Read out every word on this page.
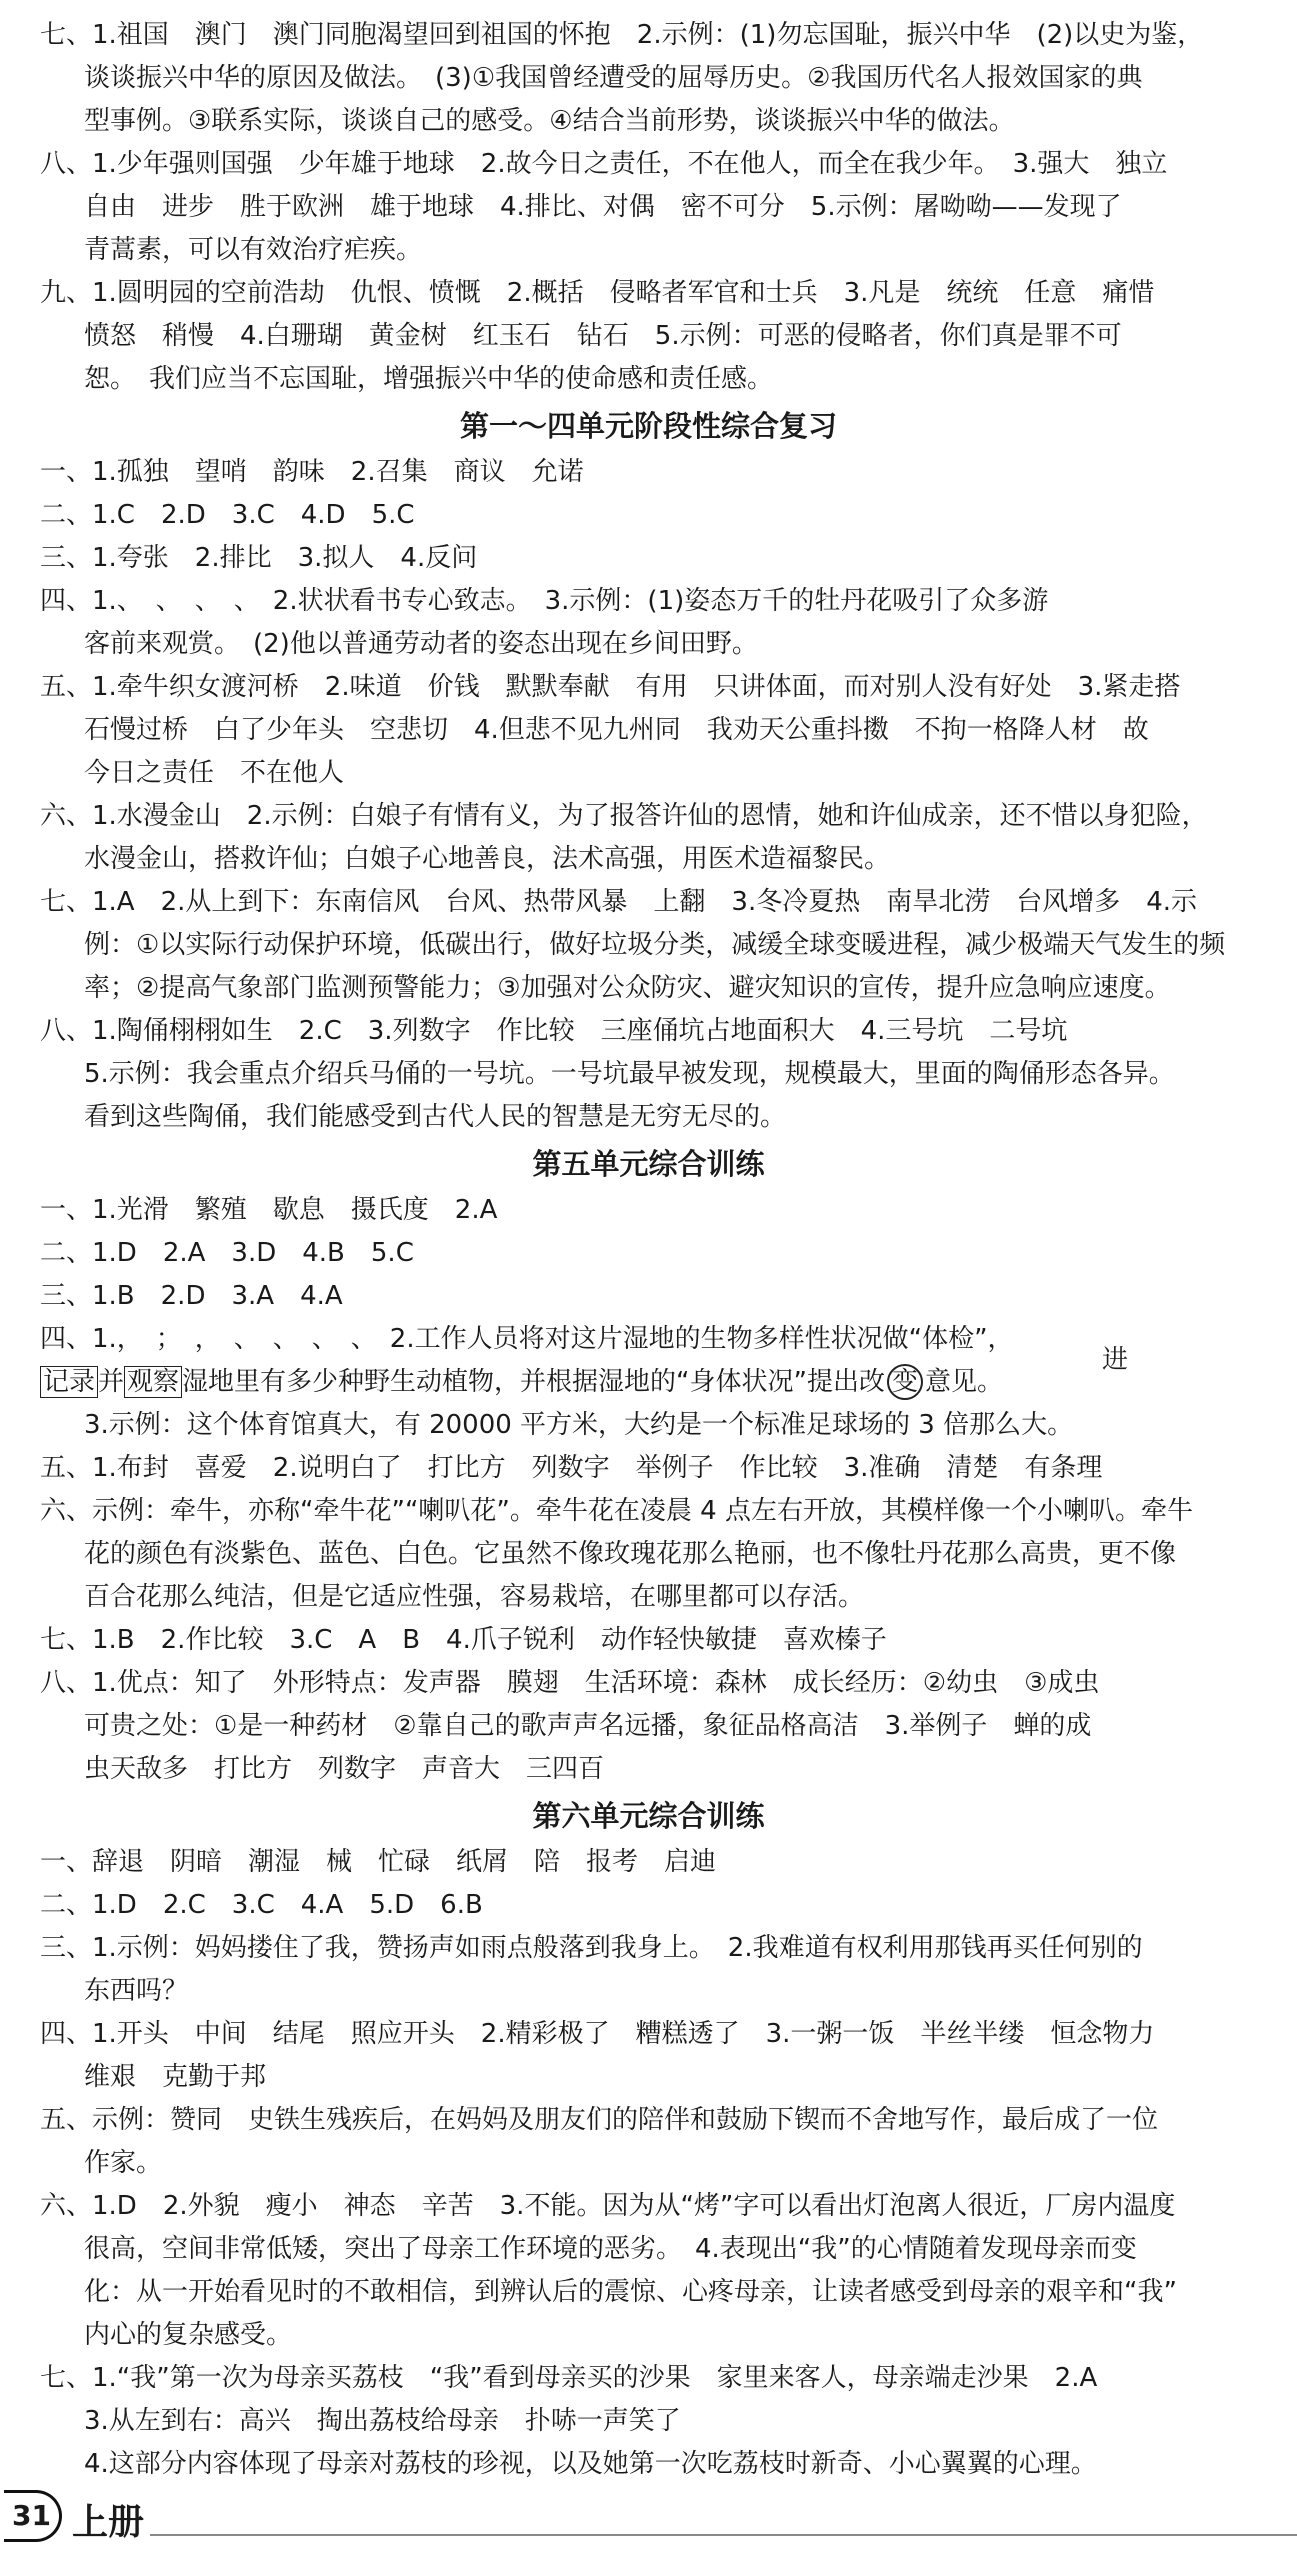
七、1.祖国　澳门　澳门同胞渴望回到祖国的怀抱　2.示例：(1)勿忘国耻，振兴中华　(2)以史为鉴，
谈谈振兴中华的原因及做法。　(3)①我国曾经遭受的屈辱历史。②我国历代名人报效国家的典
型事例。③联系实际，谈谈自己的感受。④结合当前形势，谈谈振兴中华的做法。
八、1.少年强则国强　少年雄于地球　2.故今日之责任，不在他人，而全在我少年。　3.强大　独立
自由　进步　胜于欧洲　雄于地球　4.排比、对偶　密不可分　5.示例：屠呦呦——发现了
青蒿素，可以有效治疗疟疾。
九、1.圆明园的空前浩劫　仇恨、愤慨　2.概括　侵略者军官和士兵　3.凡是　统统　任意　痛惜
愤怒　稍慢　4.白珊瑚　黄金树　红玉石　钻石　5.示例：可恶的侵略者，你们真是罪不可
恕。　我们应当不忘国耻，增强振兴中华的使命感和责任感。
第一～四单元阶段性综合复习
一、1.孤独　望哨　韵味　2.召集　商议　允诺
二、1.C　2.D　3.C　4.D　5.C
三、1.夸张　2.排比　3.拟人　4.反问
四、1.、　、　、　、　2.状状看书专心致志。　3.示例：(1)姿态万千的牡丹花吸引了众多游
客前来观赏。　(2)他以普通劳动者的姿态出现在乡间田野。
五、1.牵牛织女渡河桥　2.味道　价钱　默默奉献　有用　只讲体面，而对别人没有好处　3.紧走搭
石慢过桥　白了少年头　空悲切　4.但悲不见九州同　我劝天公重抖擞　不拘一格降人材　故
今日之责任　不在他人
六、1.水漫金山　2.示例：白娘子有情有义，为了报答许仙的恩情，她和许仙成亲，还不惜以身犯险，
水漫金山，搭救许仙；白娘子心地善良，法术高强，用医术造福黎民。
七、1.A　2.从上到下：东南信风　台风、热带风暴　上翻　3.冬冷夏热　南旱北涝　台风增多　4.示
例：①以实际行动保护环境，低碳出行，做好垃圾分类，减缓全球变暖进程，减少极端天气发生的频
率；②提高气象部门监测预警能力；③加强对公众防灾、避灾知识的宣传，提升应急响应速度。
八、1.陶俑栩栩如生　2.C　3.列数字　作比较　三座俑坑占地面积大　4.三号坑　二号坑
5.示例：我会重点介绍兵马俑的一号坑。一号坑最早被发现，规模最大，里面的陶俑形态各异。
看到这些陶俑，我们能感受到古代人民的智慧是无穷无尽的。
第五单元综合训练
一、1.光滑　繁殖　歇息　摄氏度　2.A
二、1.D　2.A　3.D　4.B　5.C
三、1.B　2.D　3.A　4.A
四、1.，　；　，　、　、　、　、　2.工作人员将对这片湿地的生物多样性状况做“体检”，
记录 并 观察 湿地里有多少种野生动植物，并根据湿地的“身体状况”提出改 变 意见。
进
3.示例：这个体育馆真大，有 20000 平方米，大约是一个标准足球场的 3 倍那么大。
五、1.布封　喜爱　2.说明白了　打比方　列数字　举例子　作比较　3.准确　清楚　有条理
六、示例：牵牛，亦称“牵牛花”“喇叭花”。牵牛花在凌晨 4 点左右开放，其模样像一个小喇叭。牵牛
花的颜色有淡紫色、蓝色、白色。它虽然不像玫瑰花那么艳丽，也不像牡丹花那么高贵，更不像
百合花那么纯洁，但是它适应性强，容易栽培，在哪里都可以存活。
七、1.B　2.作比较　3.C　A　B　4.爪子锐利　动作轻快敏捷　喜欢榛子
八、1.优点：知了　外形特点：发声器　膜翅　生活环境：森林　成长经历：②幼虫　③成虫
可贵之处：①是一种药材　②靠自己的歌声声名远播，象征品格高洁　3.举例子　蝉的成
虫天敌多　打比方　列数字　声音大　三四百
第六单元综合训练
一、辞退　阴暗　潮湿　械　忙碌　纸屑　陪　报考　启迪
二、1.D　2.C　3.C　4.A　5.D　6.B
三、1.示例：妈妈搂住了我，赞扬声如雨点般落到我身上。　2.我难道有权利用那钱再买任何别的
东西吗？
四、1.开头　中间　结尾　照应开头　2.精彩极了　糟糕透了　3.一粥一饭　半丝半缕　恒念物力
维艰　克勤于邦
五、示例：赞同　史铁生残疾后，在妈妈及朋友们的陪伴和鼓励下锲而不舍地写作，最后成了一位
作家。
六、1.D　2.外貌　瘦小　神态　辛苦　3.不能。因为从“烤”字可以看出灯泡离人很近，厂房内温度
很高，空间非常低矮，突出了母亲工作环境的恶劣。　4.表现出“我”的心情随着发现母亲而变
化：从一开始看见时的不敢相信，到辨认后的震惊、心疼母亲，让读者感受到母亲的艰辛和“我”
内心的复杂感受。
七、1.“我”第一次为母亲买荔枝　“我”看到母亲买的沙果　家里来客人，母亲端走沙果　2.A
3.从左到右：高兴　掏出荔枝给母亲　扑哧一声笑了
4.这部分内容体现了母亲对荔枝的珍视，以及她第一次吃荔枝时新奇、小心翼翼的心理。
31 上册
